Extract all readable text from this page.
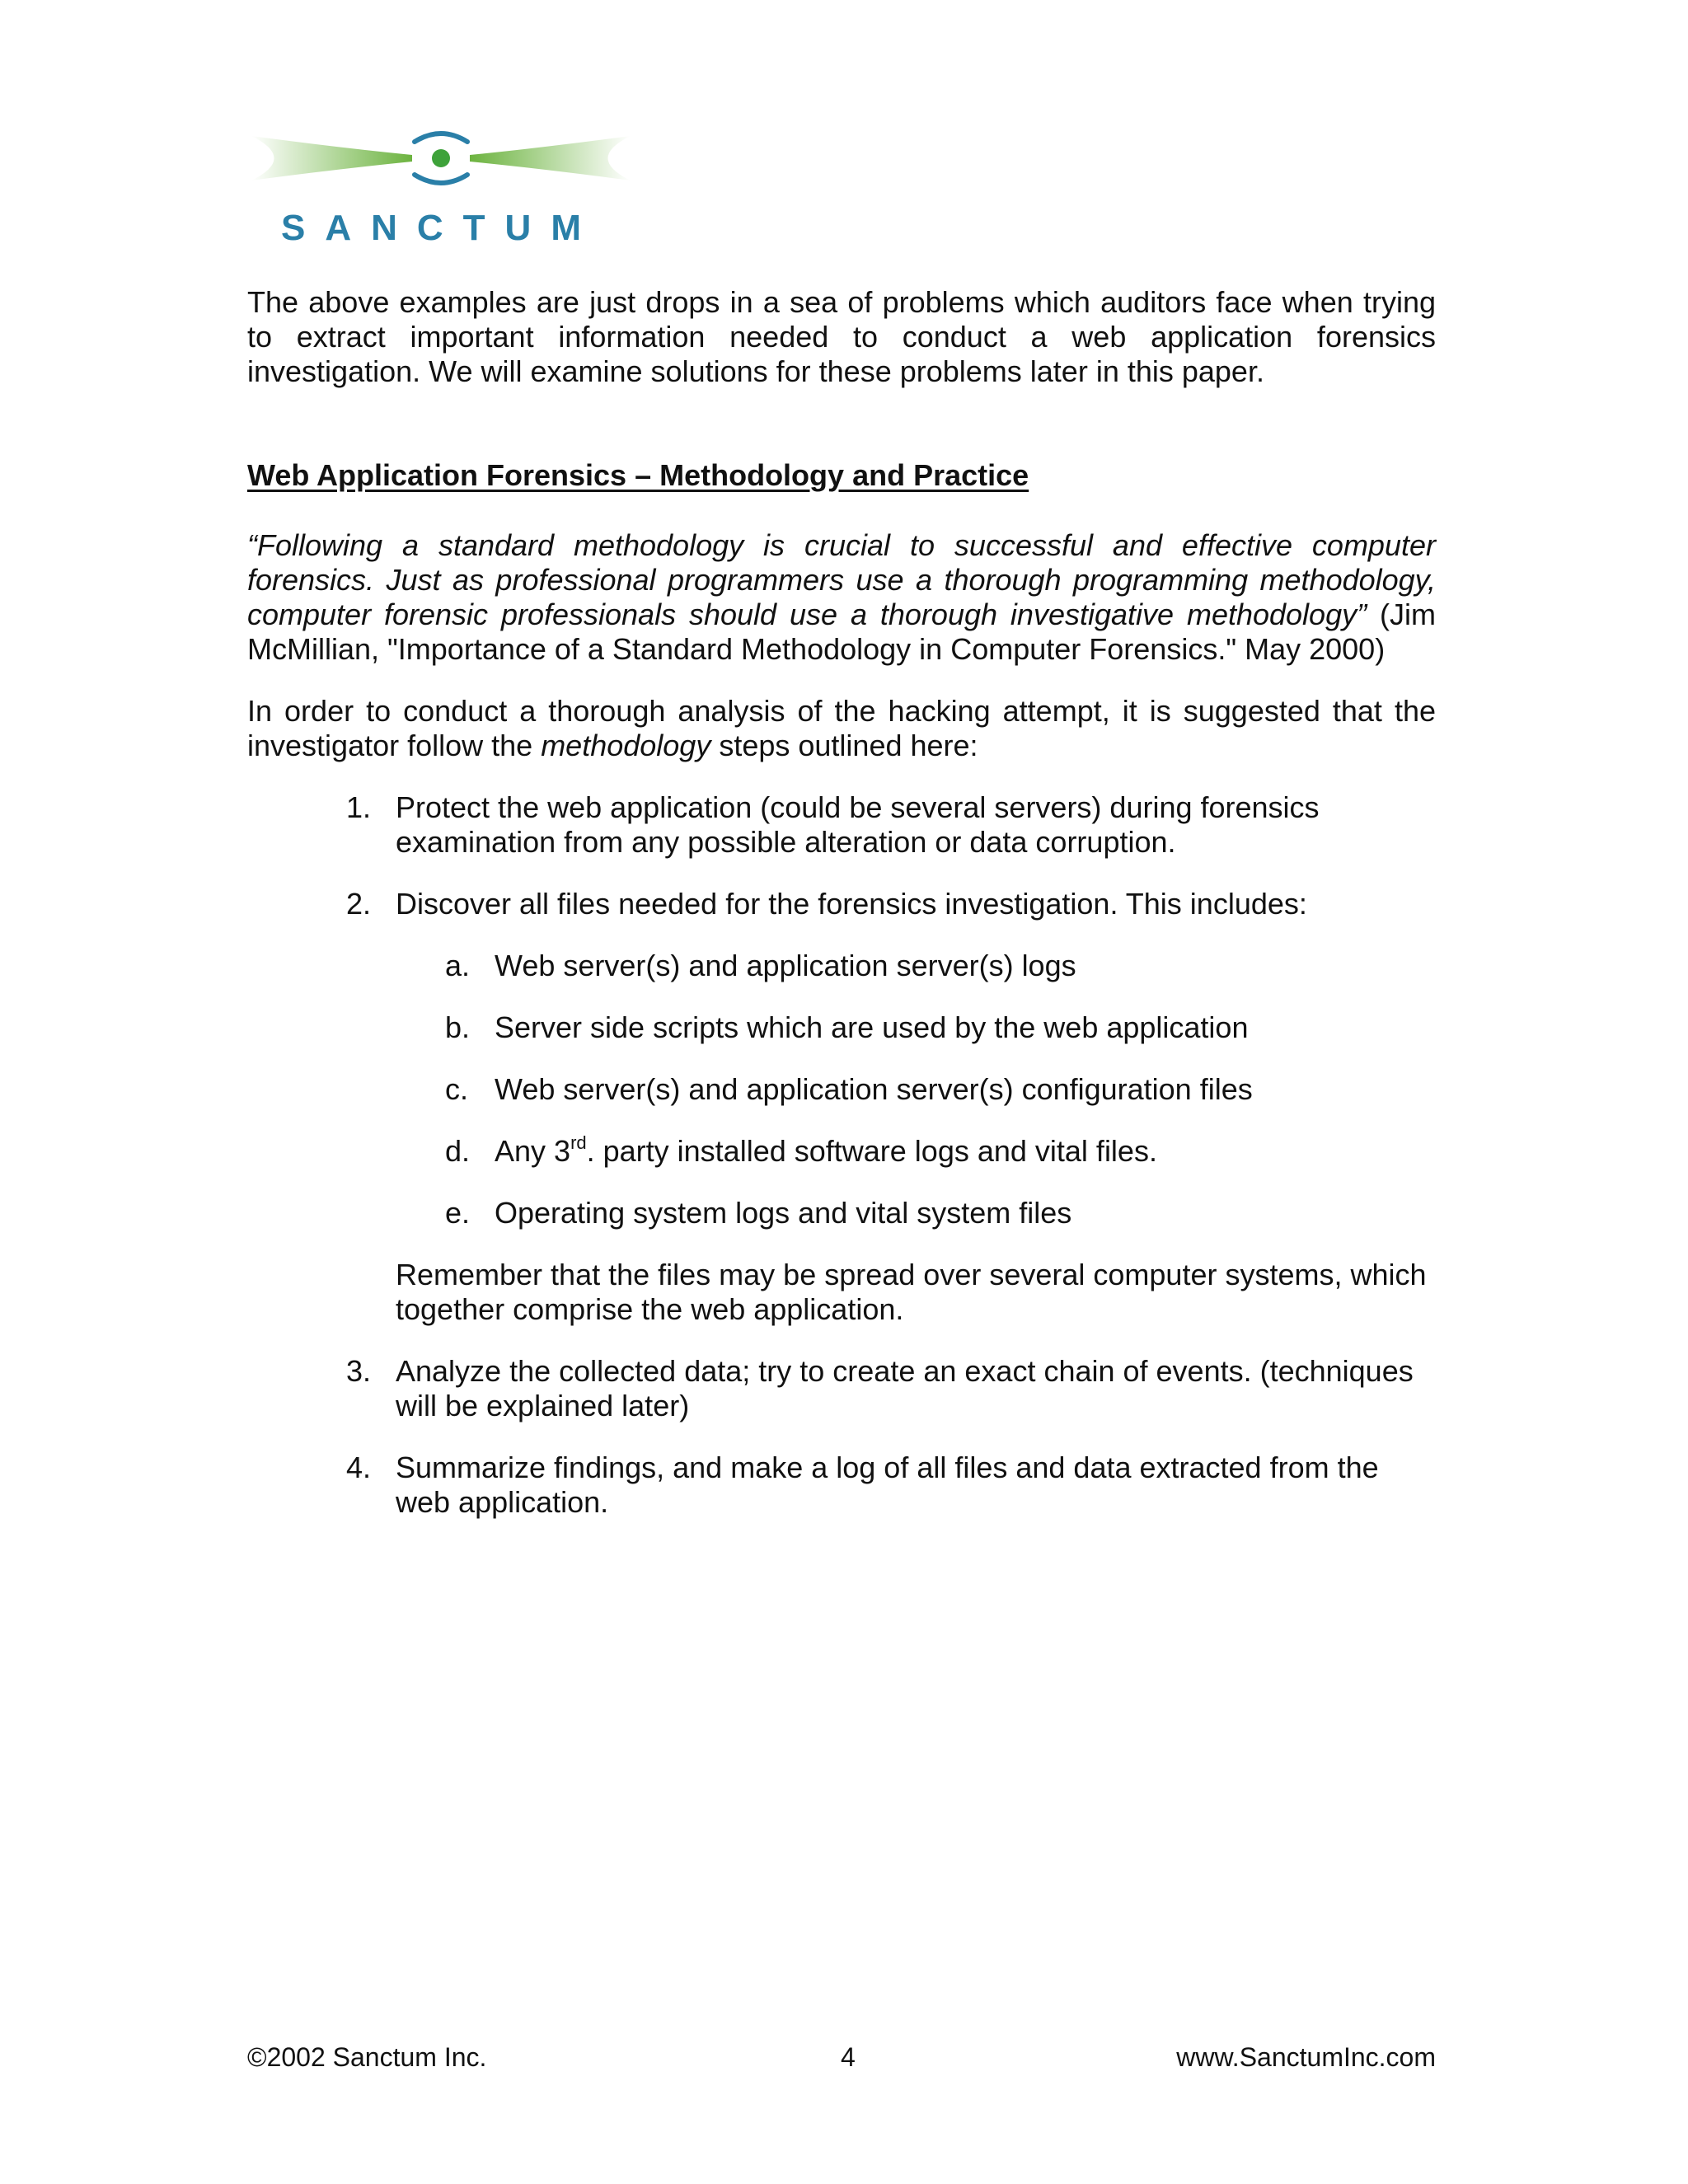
SANCTUM

The above examples are just drops in a sea of problems which auditors face when trying to extract important information needed to conduct a web application forensics investigation. We will examine solutions for these problems later in this paper.

Web Application Forensics – Methodology and Practice

“Following a standard methodology is crucial to successful and effective computer forensics. Just as professional programmers use a thorough programming methodology, computer forensic professionals should use a thorough investigative methodology” (Jim McMillian, "Importance of a Standard Methodology in Computer Forensics." May 2000)

In order to conduct a thorough analysis of the hacking attempt, it is suggested that the investigator follow the methodology steps outlined here:

1. Protect the web application (could be several servers) during forensics examination from any possible alteration or data corruption.
2. Discover all files needed for the forensics investigation. This includes:
a. Web server(s) and application server(s) logs
b. Server side scripts which are used by the web application
c. Web server(s) and application server(s) configuration files
d. Any 3rd. party installed software logs and vital files.
e. Operating system logs and vital system files

Remember that the files may be spread over several computer systems, which together comprise the web application.

3. Analyze the collected data; try to create an exact chain of events. (techniques will be explained later)
4. Summarize findings, and make a log of all files and data extracted from the web application.
©2002 Sanctum Inc.	4	www.SanctumInc.com
